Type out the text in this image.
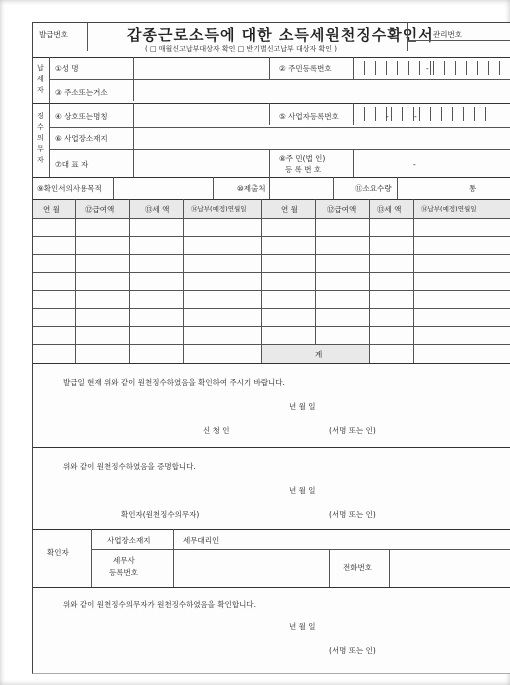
발급번호	갑종근로소득에 대한 소득세원천징수확인서
( □ 매월신고납부대상자 확인 □ 반기별신고납부 대상자 확인 )
관리번호
납세자
①성 명	② 주민등록번호	-
③ 주소또는거소
징수의무자
④ 상호또는명칭	⑤ 사업자등록번호	-	-
⑥ 사업장소재지
⑦대 표 자
⑧주 민(법 인)
등 록 번 호
-
⑨확인서의사용목적	⑩제출처	⑪소요수량	통
연 월	⑫급여액	⑬세 액	⑭납부(예정)연월일	연 월	⑫급여액	⑬세 액	⑭납부(예정)연월일
계
발급일 현재 위와 같이 원천징수하였음을 확인하여 주시기 바랍니다.
년 월 일
신 청 인	(서명 또는 인)
위와 같이 원천징수하였음을 증명합니다.
년 월 일
확인자(원천징수의무자)	(서명 또는 인)
확인자
사업장소재지	세무대리인
세무사
등록번호
전화번호
위와 같이 원천징수의무자가 원천징수하였음을 확인합니다.
년 월 일
(서명 또는 인)
